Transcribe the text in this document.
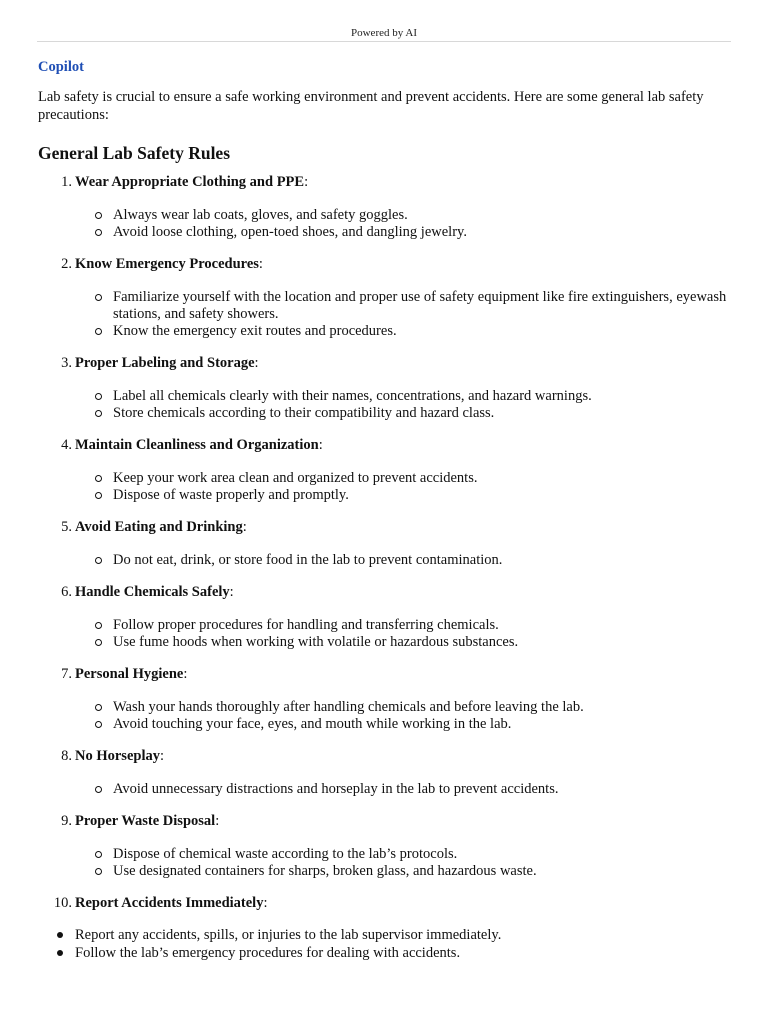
Powered by AI
Copilot

Lab safety is crucial to ensure a safe working environment and prevent accidents. Here are some general lab safety precautions:

General Lab Safety Rules
1. Wear Appropriate Clothing and PPE:
Always wear lab coats, gloves, and safety goggles.
Avoid loose clothing, open-toed shoes, and dangling jewelry.
2. Know Emergency Procedures:
Familiarize yourself with the location and proper use of safety equipment like fire extinguishers, eyewash stations, and safety showers.
Know the emergency exit routes and procedures.
3. Proper Labeling and Storage:
Label all chemicals clearly with their names, concentrations, and hazard warnings.
Store chemicals according to their compatibility and hazard class.
4. Maintain Cleanliness and Organization:
Keep your work area clean and organized to prevent accidents.
Dispose of waste properly and promptly.
5. Avoid Eating and Drinking:
Do not eat, drink, or store food in the lab to prevent contamination.
6. Handle Chemicals Safely:
Follow proper procedures for handling and transferring chemicals.
Use fume hoods when working with volatile or hazardous substances.
7. Personal Hygiene:
Wash your hands thoroughly after handling chemicals and before leaving the lab.
Avoid touching your face, eyes, and mouth while working in the lab.
8. No Horseplay:
Avoid unnecessary distractions and horseplay in the lab to prevent accidents.
9. Proper Waste Disposal:
Dispose of chemical waste according to the lab’s protocols.
Use designated containers for sharps, broken glass, and hazardous waste.
10. Report Accidents Immediately:
Report any accidents, spills, or injuries to the lab supervisor immediately.
Follow the lab’s emergency procedures for dealing with accidents.
